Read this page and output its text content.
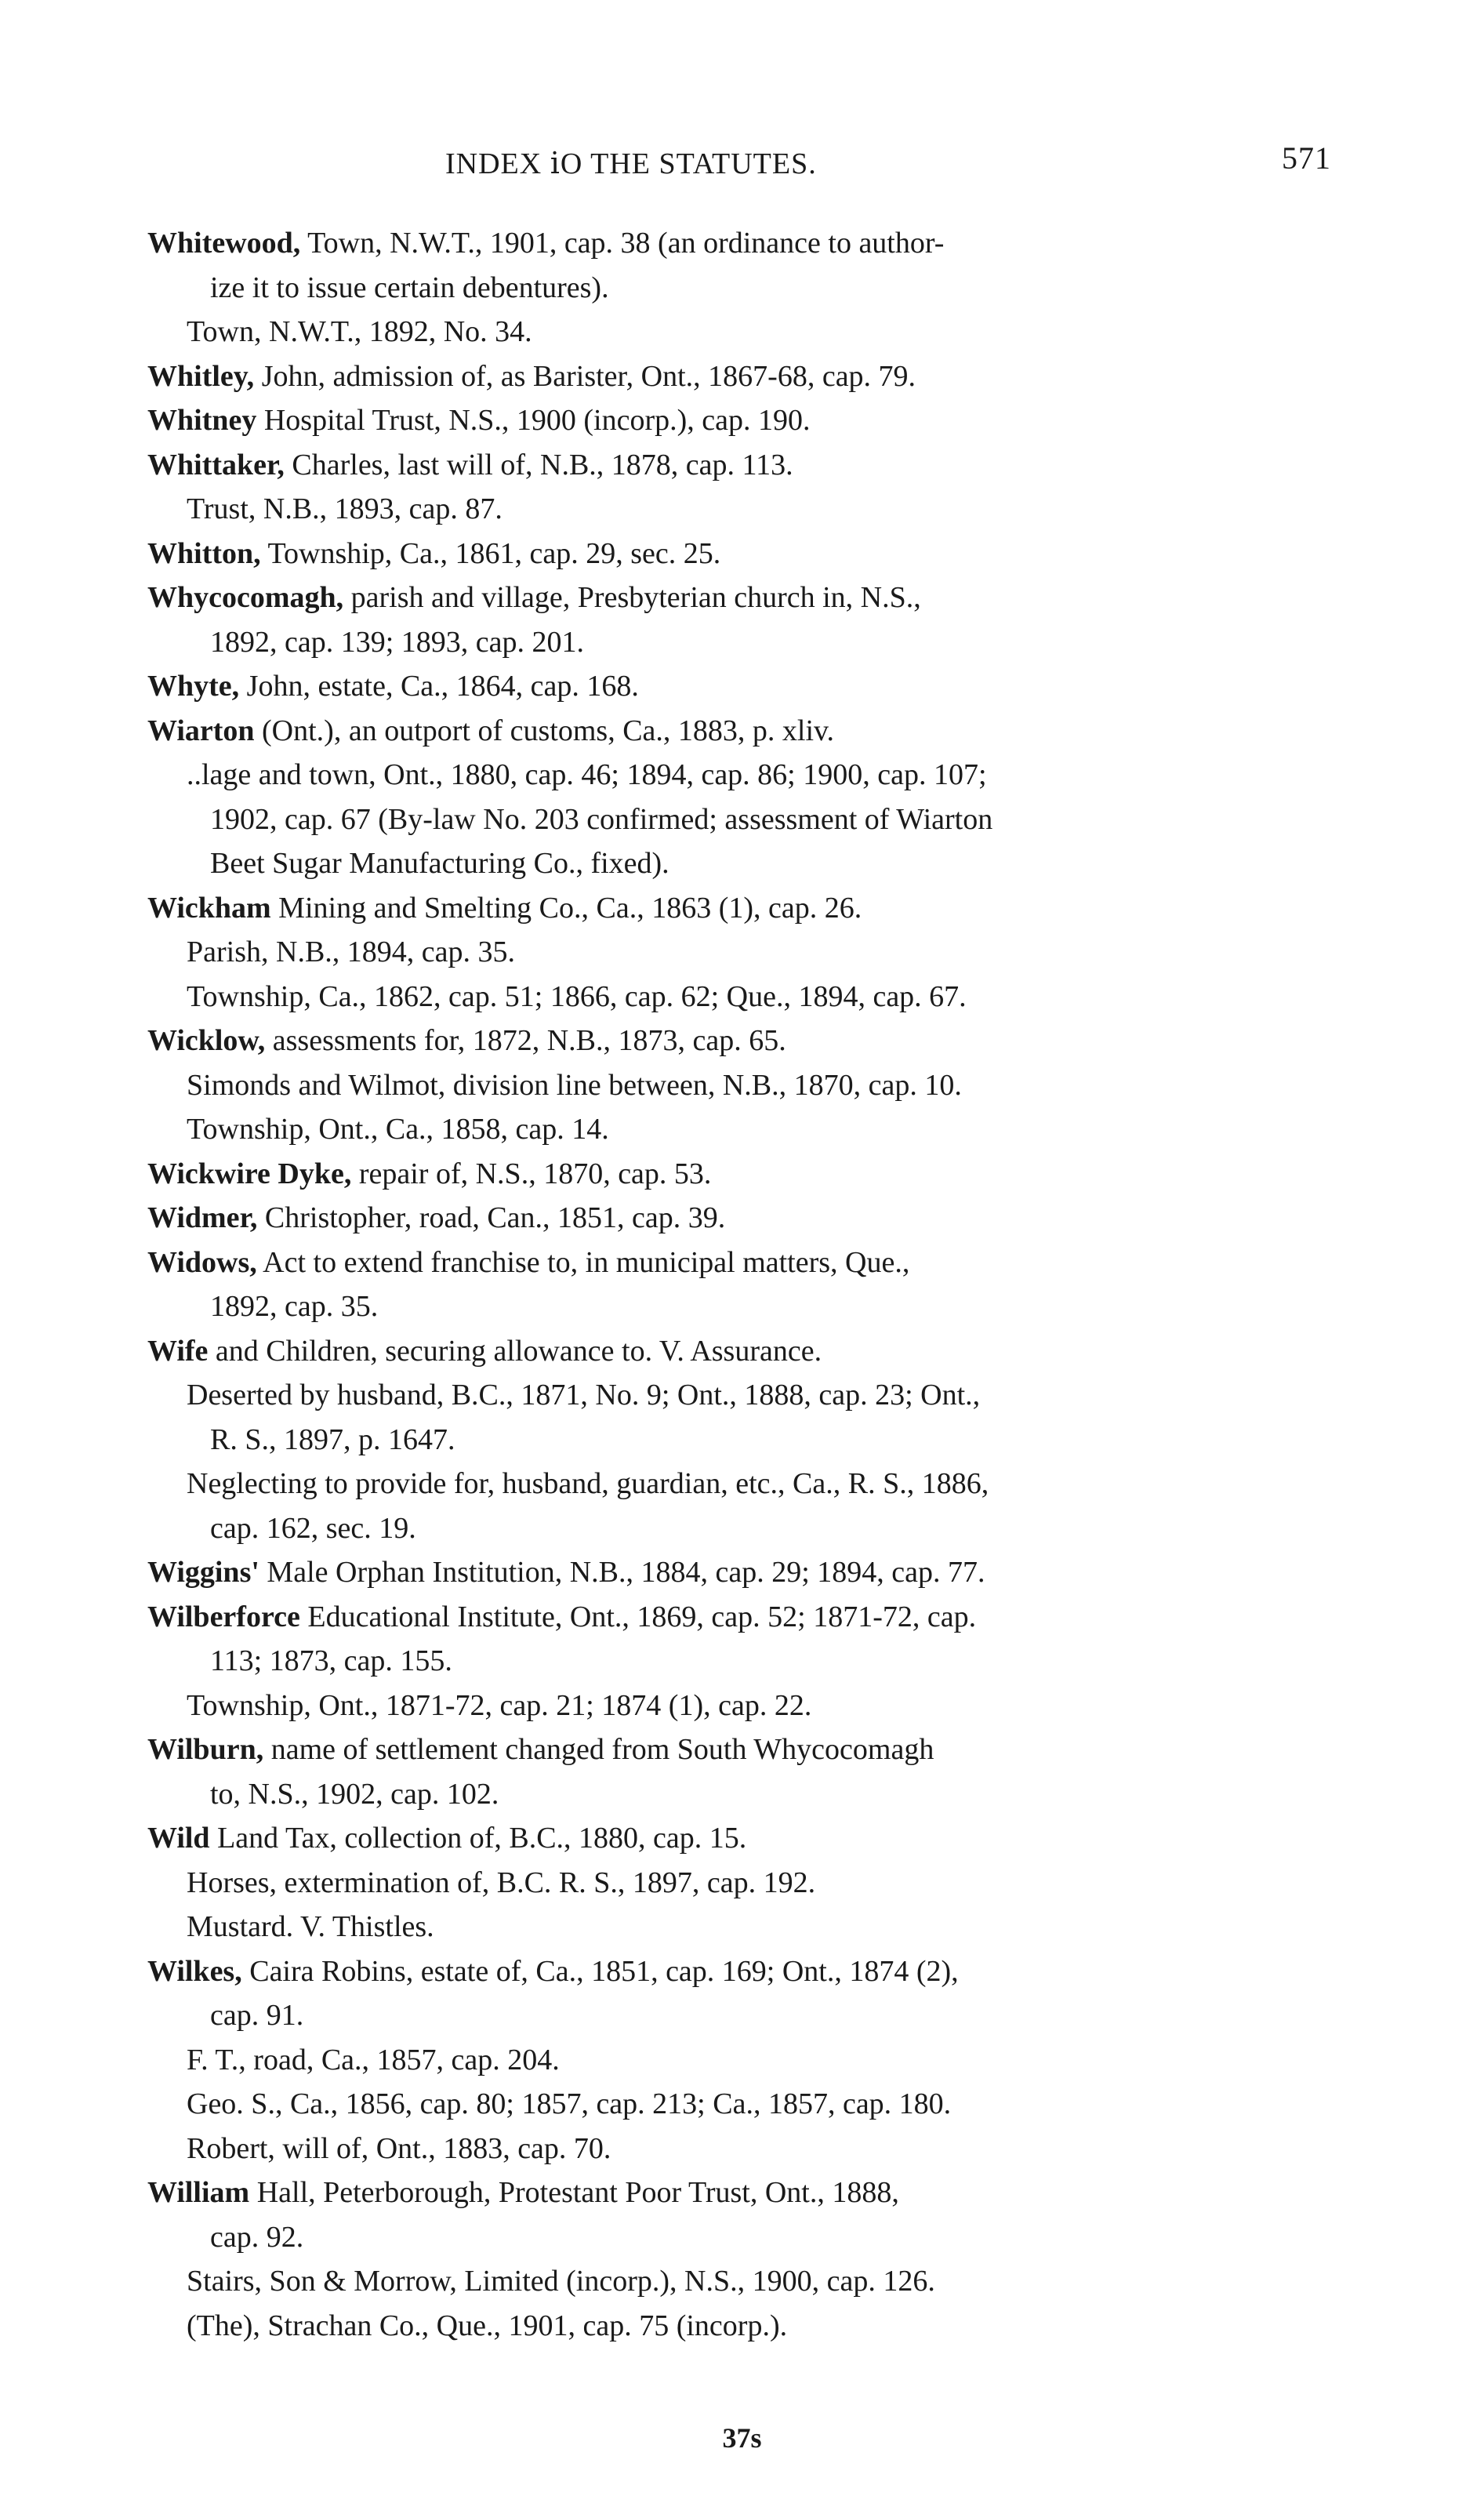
INDEX ⅰO THE STATUTES.	571
Whitewood, Town, N.W.T., 1901, cap. 38 (an ordinance to author-
ize it to issue certain debentures).
Town, N.W.T., 1892, No. 34.
Whitley, John, admission of, as Barister, Ont., 1867-68, cap. 79.
Whitney Hospital Trust, N.S., 1900 (incorp.), cap. 190.
Whittaker, Charles, last will of, N.B., 1878, cap. 113.
Trust, N.B., 1893, cap. 87.
Whitton, Township, Ca., 1861, cap. 29, sec. 25.
Whycocomagh, parish and village, Presbyterian church in, N.S.,
1892, cap. 139; 1893, cap. 201.
Whyte, John, estate, Ca., 1864, cap. 168.
Wiarton (Ont.), an outport of customs, Ca., 1883, p. xliv.
..lage and town, Ont., 1880, cap. 46; 1894, cap. 86; 1900, cap. 107;
1902, cap. 67 (By-law No. 203 confirmed; assessment of Wiarton
Beet Sugar Manufacturing Co., fixed).
Wickham Mining and Smelting Co., Ca., 1863 (1), cap. 26.
Parish, N.B., 1894, cap. 35.
Township, Ca., 1862, cap. 51; 1866, cap. 62; Que., 1894, cap. 67.
Wicklow, assessments for, 1872, N.B., 1873, cap. 65.
Simonds and Wilmot, division line between, N.B., 1870, cap. 10.
Township, Ont., Ca., 1858, cap. 14.
Wickwire Dyke, repair of, N.S., 1870, cap. 53.
Widmer, Christopher, road, Can., 1851, cap. 39.
Widows, Act to extend franchise to, in municipal matters, Que.,
1892, cap. 35.
Wife and Children, securing allowance to. V. Assurance.
Deserted by husband, B.C., 1871, No. 9; Ont., 1888, cap. 23; Ont.,
R. S., 1897, p. 1647.
Neglecting to provide for, husband, guardian, etc., Ca., R. S., 1886,
cap. 162, sec. 19.
Wiggins' Male Orphan Institution, N.B., 1884, cap. 29; 1894, cap. 77.
Wilberforce Educational Institute, Ont., 1869, cap. 52; 1871-72, cap.
113; 1873, cap. 155.
Township, Ont., 1871-72, cap. 21; 1874 (1), cap. 22.
Wilburn, name of settlement changed from South Whycocomagh
to, N.S., 1902, cap. 102.
Wild Land Tax, collection of, B.C., 1880, cap. 15.
Horses, extermination of, B.C. R. S., 1897, cap. 192.
Mustard. V. Thistles.
Wilkes, Caira Robins, estate of, Ca., 1851, cap. 169; Ont., 1874 (2),
cap. 91.
F. T., road, Ca., 1857, cap. 204.
Geo. S., Ca., 1856, cap. 80; 1857, cap. 213; Ca., 1857, cap. 180.
Robert, will of, Ont., 1883, cap. 70.
William Hall, Peterborough, Protestant Poor Trust, Ont., 1888,
cap. 92.
Stairs, Son & Morrow, Limited (incorp.), N.S., 1900, cap. 126.
(The), Strachan Co., Que., 1901, cap. 75 (incorp.).
37s
